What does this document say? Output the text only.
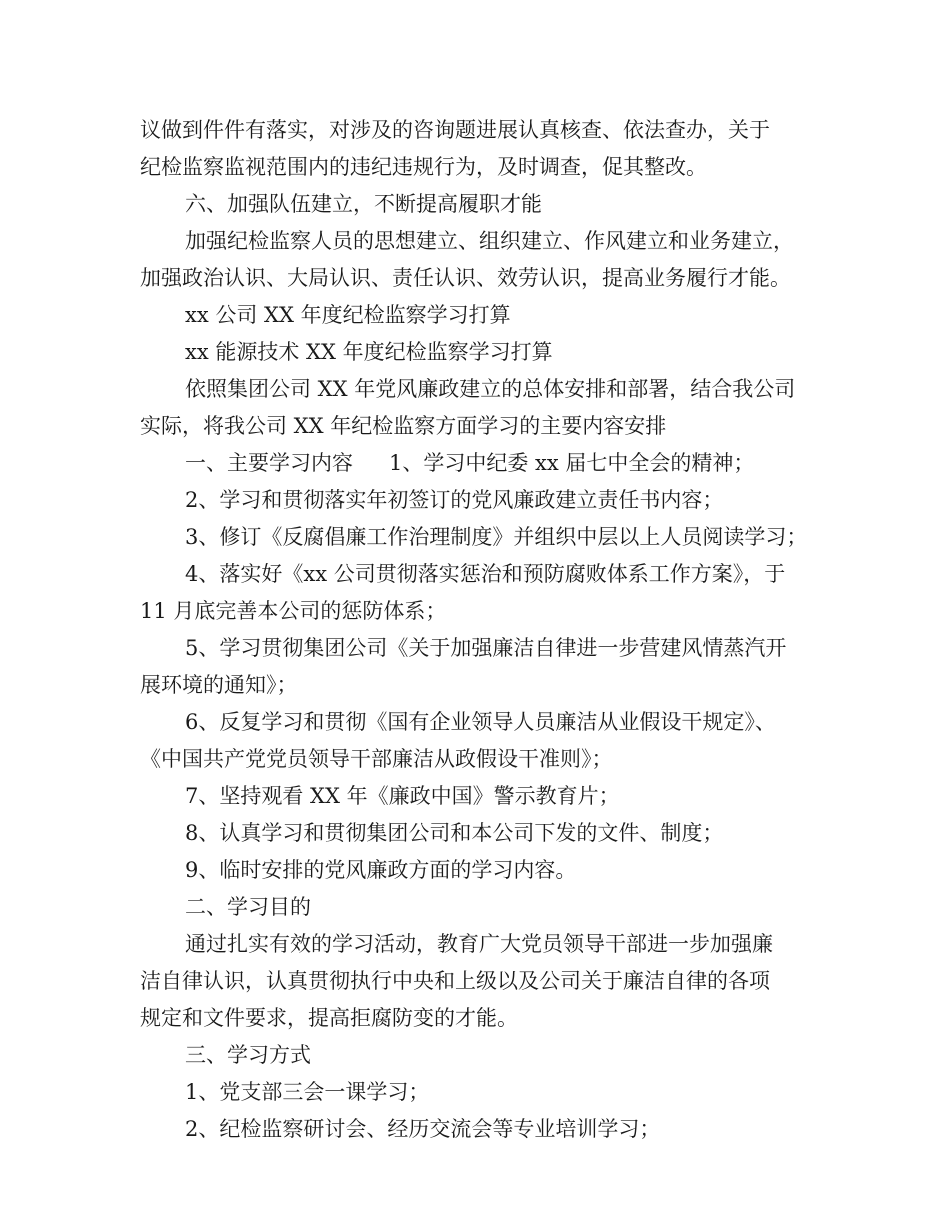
议做到件件有落实，对涉及的咨询题进展认真核查、依法查办，关于
纪检监察监视范围内的违纪违规行为，及时调查，促其整改。
六、加强队伍建立，不断提高履职才能
加强纪检监察人员的思想建立、组织建立、作风建立和业务建立，
加强政治认识、大局认识、责任认识、效劳认识，提高业务履行才能。
xx 公司 XX 年度纪检监察学习打算
xx 能源技术 XX 年度纪检监察学习打算
依照集团公司 XX 年党风廉政建立的总体安排和部署，结合我公司
实际，将我公司 XX 年纪检监察方面学习的主要内容安排
一、主要学习内容 1、学习中纪委 xx 届七中全会的精神；
2、学习和贯彻落实年初签订的党风廉政建立责任书内容；
3、修订《反腐倡廉工作治理制度》并组织中层以上人员阅读学习；
4、落实好《xx 公司贯彻落实惩治和预防腐败体系工作方案》，于
11 月底完善本公司的惩防体系；
5、学习贯彻集团公司《关于加强廉洁自律进一步营建风情蒸汽开
展环境的通知》；
6、反复学习和贯彻《国有企业领导人员廉洁从业假设干规定》、
《中国共产党党员领导干部廉洁从政假设干准则》；
7、坚持观看 XX 年《廉政中国》警示教育片；
8、认真学习和贯彻集团公司和本公司下发的文件、制度；
9、临时安排的党风廉政方面的学习内容。
二、学习目的
通过扎实有效的学习活动，教育广大党员领导干部进一步加强廉
洁自律认识，认真贯彻执行中央和上级以及公司关于廉洁自律的各项
规定和文件要求，提高拒腐防变的才能。
三、学习方式
1、党支部三会一课学习；
2、纪检监察研讨会、经历交流会等专业培训学习；
